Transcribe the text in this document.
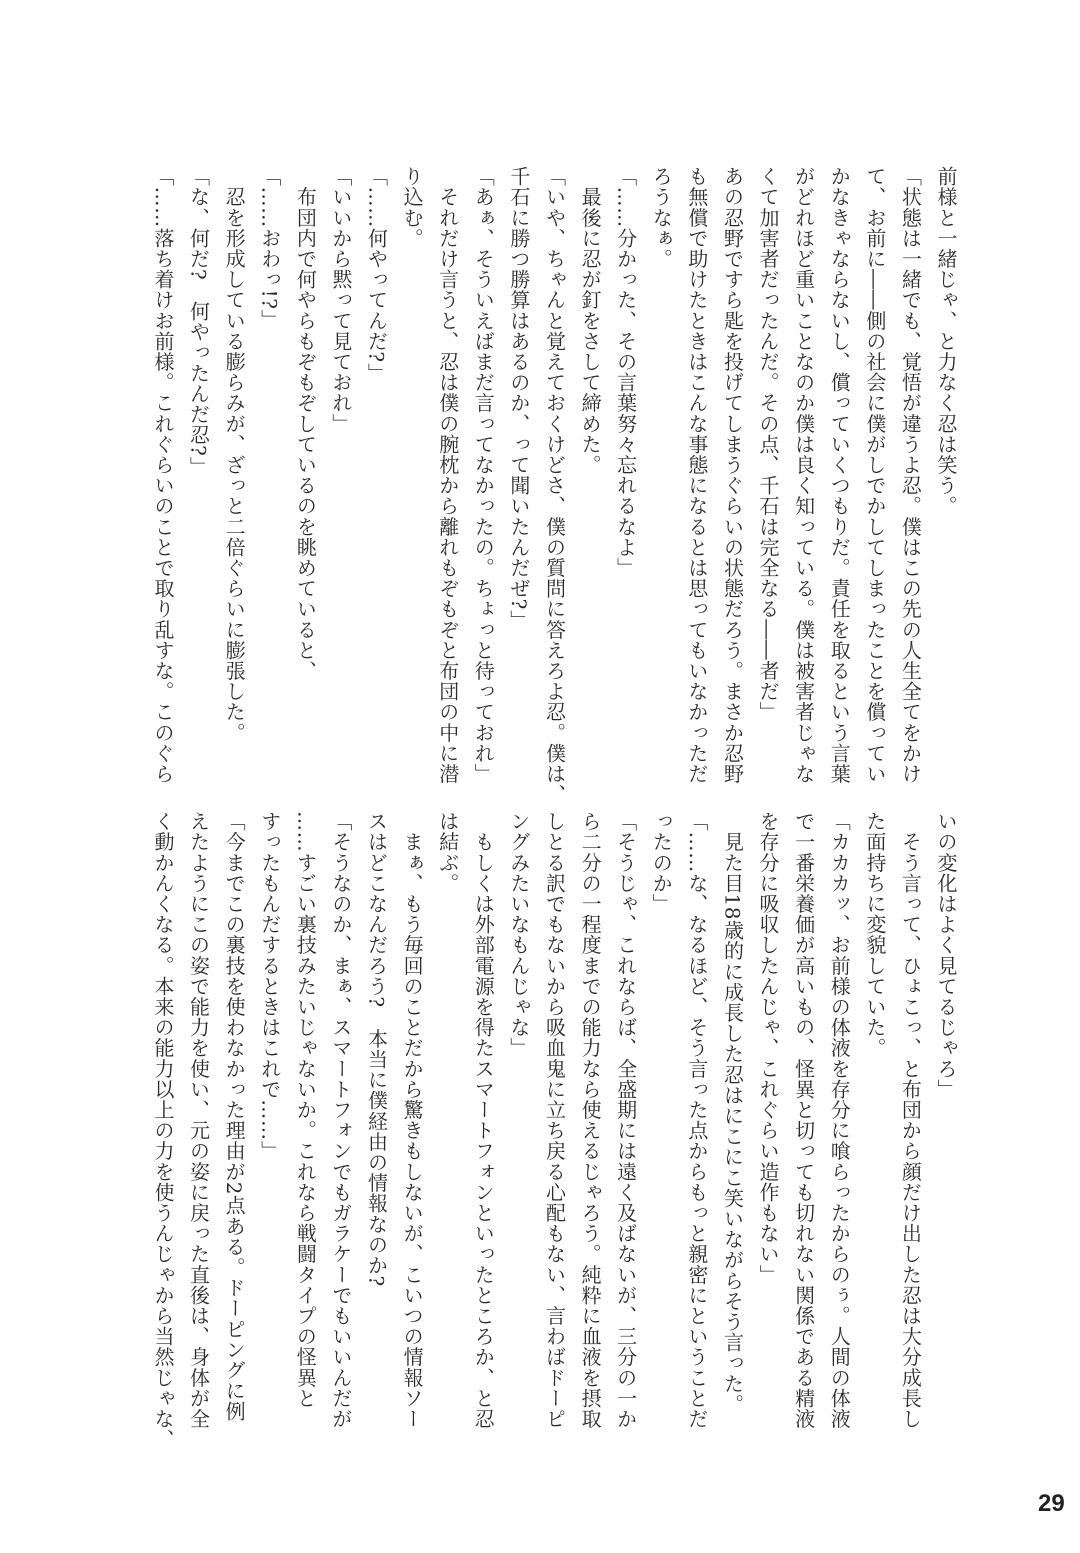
前様と一緒じゃ、と力なく忍は笑う。

「状態は一緒でも、覚悟が違うよ忍。僕はこの先の人生全てをかけ

て、お前に――側の社会に僕がしでかしてしまったことを償ってい

かなきゃならないし、償っていくつもりだ。責任を取るという言葉

がどれほど重いことなのか僕は良く知っている。僕は被害者じゃな

くて加害者だったんだ。その点、千石は完全なる――者だ」

あの忍野ですら匙を投げてしまうぐらいの状態だろう。まさか忍野

も無償で助けたときはこんな事態になるとは思ってもいなかっただ

ろうなぁ。

「……分かった、その言葉努々忘れるなよ」

　最後に忍が釘をさして締めた。

「いや、ちゃんと覚えておくけどさ、僕の質問に答えろよ忍。僕は、

千石に勝つ勝算はあるのか、って聞いたんだぜ?」

「あぁ、そういえばまだ言ってなかったの。ちょっと待っておれ」

　それだけ言うと、忍は僕の腕枕から離れもぞもぞと布団の中に潜

り込む。

「……何やってんだ?」

「いいから黙って見ておれ」

　布団内で何やらもぞもぞしているのを眺めていると、

「……おわっ!?」

　忍を形成している膨らみが、ざっと二倍ぐらいに膨張した。

「な、何だ?　何やったんだ忍?」

「……落ち着けお前様。これぐらいのことで取り乱すな。このぐら

いの変化はよく見てるじゃろ」

　そう言って、ひょこっ、と布団から顔だけ出した忍は大分成長し

た面持ちに変貌していた。

「カカカッ、お前様の体液を存分に喰らったからのぅ。人間の体液

で一番栄養価が高いもの、怪異と切っても切れない関係である精液

を存分に吸収したんじゃ、これぐらい造作もない」

　見た目18歳的に成長した忍はにこにこ笑いながらそう言った。

「……な、なるほど、そう言った点からもっと親密にということだ

ったのか」

「そうじゃ、これならば、全盛期には遠く及ばないが、三分の一か

ら二分の一程度までの能力なら使えるじゃろう。純粋に血液を摂取

しとる訳でもないから吸血鬼に立ち戻る心配もない、言わばドーピ

ングみたいなもんじゃな」

　もしくは外部電源を得たスマートフォンといったところか、と忍

は結ぶ。

　まぁ、もう毎回のことだから驚きもしないが、こいつの情報ソー

スはどこなんだろう?　本当に僕経由の情報なのか?

「そうなのか、まぁ、スマートフォンでもガラケーでもいいんだが

……すごい裏技みたいじゃないか。これなら戦闘タイプの怪異と

すったもんだするときはこれで……」

「今までこの裏技を使わなかった理由が2点ある。ドーピングに例

えたようにこの姿で能力を使い、元の姿に戻った直後は、身体が全

く動かんくなる。本来の能力以上の力を使うんじゃから当然じゃな、

29
